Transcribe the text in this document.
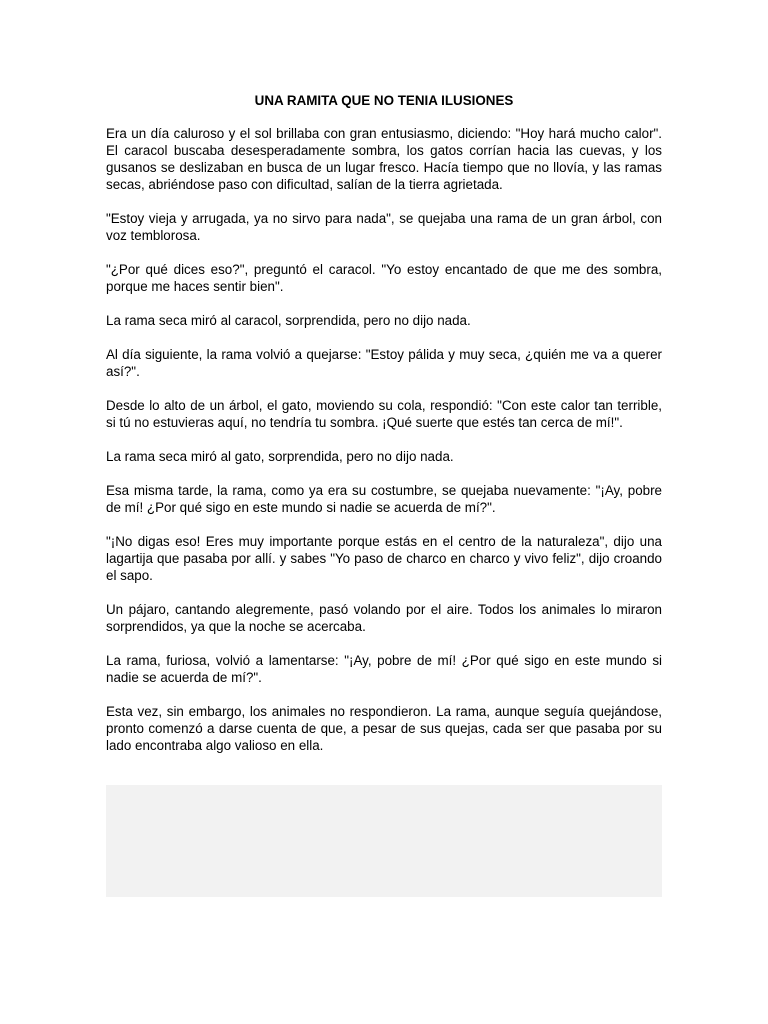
UNA RAMITA QUE NO TENIA ILUSIONES

Era un día caluroso y el sol brillaba con gran entusiasmo, diciendo: "Hoy hará mucho calor". El caracol buscaba desesperadamente sombra, los gatos corrían hacia las cuevas, y los gusanos se deslizaban en busca de un lugar fresco. Hacía tiempo que no llovía, y las ramas secas, abriéndose paso con dificultad, salían de la tierra agrietada.

"Estoy vieja y arrugada, ya no sirvo para nada", se quejaba una rama de un gran árbol, con voz temblorosa.

"¿Por qué dices eso?", preguntó el caracol. "Yo estoy encantado de que me des sombra, porque me haces sentir bien".

La rama seca miró al caracol, sorprendida, pero no dijo nada.

Al día siguiente, la rama volvió a quejarse: "Estoy pálida y muy seca, ¿quién me va a querer así?".

Desde lo alto de un árbol, el gato, moviendo su cola, respondió: "Con este calor tan terrible, si tú no estuvieras aquí, no tendría tu sombra. ¡Qué suerte que estés tan cerca de mí!".

La rama seca miró al gato, sorprendida, pero no dijo nada.

Esa misma tarde, la rama, como ya era su costumbre, se quejaba nuevamente: "¡Ay, pobre de mí! ¿Por qué sigo en este mundo si nadie se acuerda de mí?".

"¡No digas eso! Eres muy importante porque estás en el centro de la naturaleza", dijo una lagartija que pasaba por allí. y sabes "Yo paso de charco en charco y vivo feliz", dijo croando el sapo.

Un pájaro, cantando alegremente, pasó volando por el aire. Todos los animales lo miraron sorprendidos, ya que la noche se acercaba.

La rama, furiosa, volvió a lamentarse: "¡Ay, pobre de mí! ¿Por qué sigo en este mundo si nadie se acuerda de mí?".

Esta vez, sin embargo, los animales no respondieron. La rama, aunque seguía quejándose, pronto comenzó a darse cuenta de que, a pesar de sus quejas, cada ser que pasaba por su lado encontraba algo valioso en ella.
